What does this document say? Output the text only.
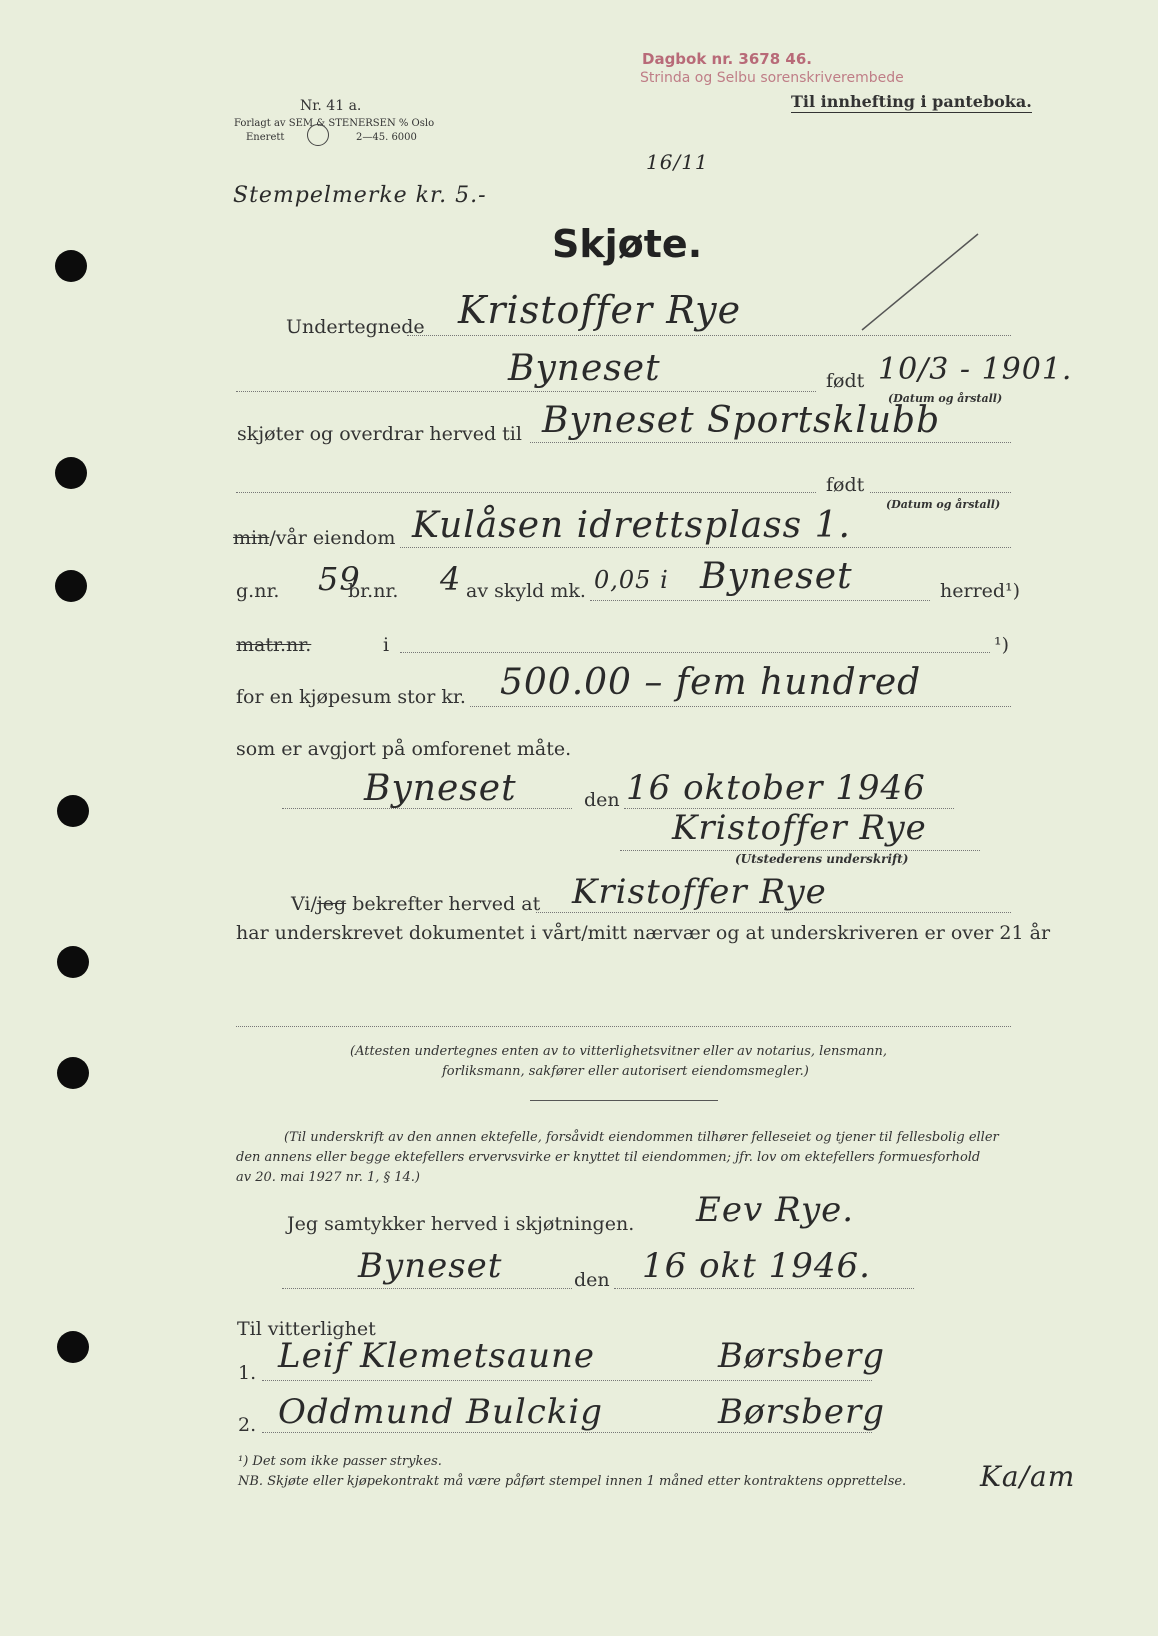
Nr. 41 a.
Forlagt av SEM & STENERSEN % Oslo
Enerett	2—45. 6000
Dagbok nr. 3678 46.
Strinda og Selbu sorenskriverembede
16/11
Til innhefting i panteboka.
Stempelmerke kr. 5.-
Skjøte.
Undertegnede Kristoffer Rye
Byneset	født 10/3 - 1901.
(Datum og årstall)
skjøter og overdrar herved til Byneset Sportsklubb
født
(Datum og årstall)
min/vår eiendom Kulåsen idrettsplass 1.
g.nr. 59
br.nr. 4 av skyld mk. 0,05 i Byneset	herred¹)
matr.nr.	i	¹)
for en kjøpesum stor kr. 500.00 – fem hundred
som er avgjort på omforenet måte.
Byneset	den 16 oktober 1946
Kristoffer Rye
(Utstederens underskrift)
Vi/jeg bekrefter herved at Kristoffer Rye
har underskrevet dokumentet i vårt/mitt nærvær og at underskriveren er over 21 år
(Attesten undertegnes enten av to vitterlighetsvitner eller av notarius, lensmann,
forliksmann, sakfører eller autorisert eiendomsmegler.)
(Til underskrift av den annen ektefelle, forsåvidt eiendommen tilhører felleseiet og tjener til fellesbolig eller
den annens eller begge ektefellers ervervsvirke er knyttet til eiendommen; jfr. lov om ektefellers formuesforhold
av 20. mai 1927 nr. 1, § 14.)
Jeg samtykker herved i skjøtningen. Eev Rye.
Byneset	den 16 okt 1946.
Til vitterlighet
1. Leif Klemetsaune	Børsberg
2. Oddmund Bulckig	Børsberg
¹) Det som ikke passer strykes.
NB. Skjøte eller kjøpekontrakt må være påført stempel innen 1 måned etter kontraktens opprettelse.	Ka/am
